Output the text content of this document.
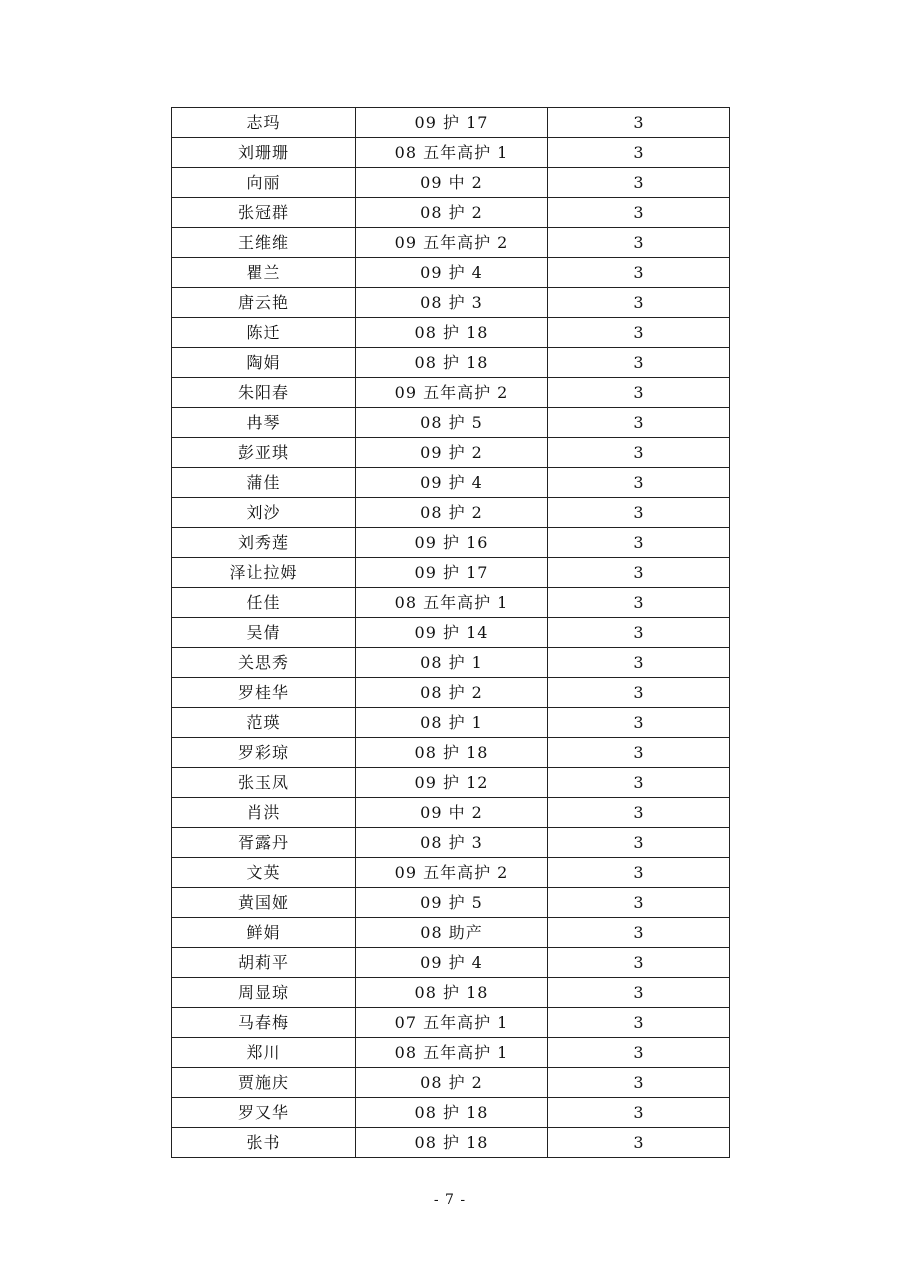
志玛	09 护 17	3
刘珊珊	08 五年高护 1	3
向丽	09 中 2	3
张冠群	08 护 2	3
王维维	09 五年高护 2	3
瞿兰	09 护 4	3
唐云艳	08 护 3	3
陈迁	08 护 18	3
陶娟	08 护 18	3
朱阳春	09 五年高护 2	3
冉琴	08 护 5	3
彭亚琪	09 护 2	3
蒲佳	09 护 4	3
刘沙	08 护 2	3
刘秀莲	09 护 16	3
泽让拉姆	09 护 17	3
任佳	08 五年高护 1	3
吴倩	09 护 14	3
关思秀	08 护 1	3
罗桂华	08 护 2	3
范瑛	08 护 1	3
罗彩琼	08 护 18	3
张玉凤	09 护 12	3
肖洪	09 中 2	3
胥露丹	08 护 3	3
文英	09 五年高护 2	3
黄国娅	09 护 5	3
鲜娟	08 助产	3
胡莉平	09 护 4	3
周显琼	08 护 18	3
马春梅	07 五年高护 1	3
郑川	08 五年高护 1	3
贾施庆	08 护 2	3
罗又华	08 护 18	3
张书	08 护 18	3
- 7 -
